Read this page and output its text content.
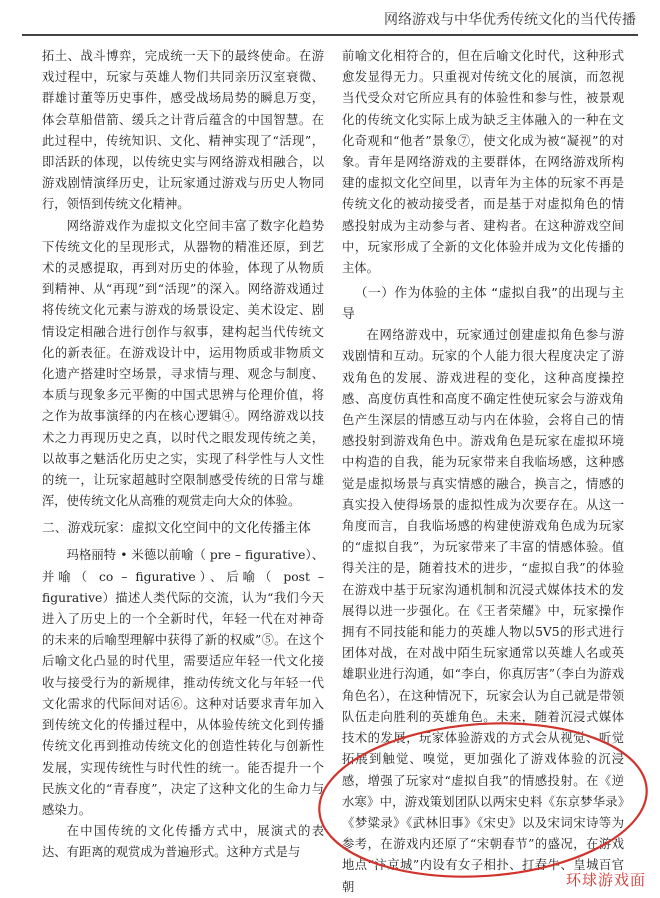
网络游戏与中华优秀传统文化的当代传播

拓土、战斗博弈，完成统一天下的最终使命。在游戏过程中，玩家与英雄人物们共同亲历汉室衰微、群雄讨董等历史事件，感受战场局势的瞬息万变，体会草船借箭、缓兵之计背后蕴含的中国智慧。在此过程中，传统知识、文化、精神实现了“活现”，即活跃的体现，以传统史实与网络游戏相融合，以游戏剧情演绎历史，让玩家通过游戏与历史人物同行，领悟到传统文化精神。

网络游戏作为虚拟文化空间丰富了数字化趋势下传统文化的呈现形式，从器物的精准还原，到艺术的灵感提取，再到对历史的体验，体现了从物质到精神、从“再现”到“活现”的深入。网络游戏通过将传统文化元素与游戏的场景设定、美术设定、剧情设定相融合进行创作与叙事，建构起当代传统文化的新表征。在游戏设计中，运用物质或非物质文化遗产搭建时空场景，寻求情与理、观念与制度、本质与现象多元平衡的中国式思辨与伦理价值，将之作为故事演绎的内在核心逻辑④。网络游戏以技术之力再现历史之真，以时代之眼发现传统之美，以故事之魅活化历史之实，实现了科学性与人文性的统一，让玩家超越时空限制感受传统的日常与雄浑，使传统文化从高雅的观赏走向大众的体验。

二、游戏玩家：虚拟文化空间中的文化传播主体

玛格丽特 • 米德以前喻（ pre – figurative）、并喻（ co – figurative）、后喻（ post – figurative）描述人类代际的交流，认为“我们今天进入了历史上的一个全新时代，年轻一代在对神奇的未来的后喻型理解中获得了新的权威”⑤。在这个后喻文化凸显的时代里，需要适应年轻一代文化接收与接受行为的新规律，推动传统文化与年轻一代文化需求的代际间对话⑥。这种对话要求青年加入到传统文化的传播过程中，从体验传统文化到传播传统文化再到推动传统文化的创造性转化与创新性发展，实现传统性与时代性的统一。能否提升一个民族文化的“青春度”，决定了这种文化的生命力与感染力。

在中国传统的文化传播方式中，展演式的表达、有距离的观赏成为普遍形式。这种方式是与

前喻文化相符合的，但在后喻文化时代，这种形式愈发显得无力。只重视对传统文化的展演，而忽视当代受众对它所应具有的体验性和参与性，被景观化的传统文化实际上成为缺乏主体融入的一种在文化奇观和“他者”景象⑦，使文化成为被“凝视”的对象。青年是网络游戏的主要群体，在网络游戏所构建的虚拟文化空间里，以青年为主体的玩家不再是传统文化的被动接受者，而是基于对虚拟角色的情感投射成为主动参与者、建构者。在这种游戏空间中，玩家形成了全新的文化体验并成为文化传播的主体。

（一）作为体验的主体 “虚拟自我”的出现与主导

在网络游戏中，玩家通过创建虚拟角色参与游戏剧情和互动。玩家的个人能力很大程度决定了游戏角色的发展、游戏进程的变化，这种高度操控感、高度仿真性和高度不确定性使玩家会与游戏角色产生深层的情感互动与内在体验，会将自己的情感投射到游戏角色中。游戏角色是玩家在虚拟环境中构造的自我，能为玩家带来自我临场感，这种感觉是虚拟场景与真实情感的融合，换言之，情感的真实投入使得场景的虚拟性成为次要存在。从这一角度而言，自我临场感的构建使游戏角色成为玩家的“虚拟自我”，为玩家带来了丰富的情感体验。值得关注的是，随着技术的进步，“虚拟自我”的体验在游戏中基于玩家沟通机制和沉浸式媒体技术的发展得以进一步强化。在《王者荣耀》中，玩家操作拥有不同技能和能力的英雄人物以5V5的形式进行团体对战，在对战中陌生玩家通常以英雄人名或英雄职业进行沟通，如“李白，你真厉害”（李白为游戏角色名），在这种情况下，玩家会认为自己就是带领队伍走向胜利的英雄角色。未来，随着沉浸式媒体技术的发展，玩家体验游戏的方式会从视觉、听觉拓展到触觉、嗅觉，更加强化了游戏体验的沉浸感，增强了玩家对“虚拟自我”的情感投射。在《逆水寒》中，游戏策划团队以两宋史料《东京梦华录》《梦粱录》《武林旧事》《宋史》以及宋词宋诗等为参考，在游戏内还原了“宋朝春节”的盛况，在游戏地点“汴京城”内设有女子相扑、打春牛、皇城百官朝	环球游戏面
